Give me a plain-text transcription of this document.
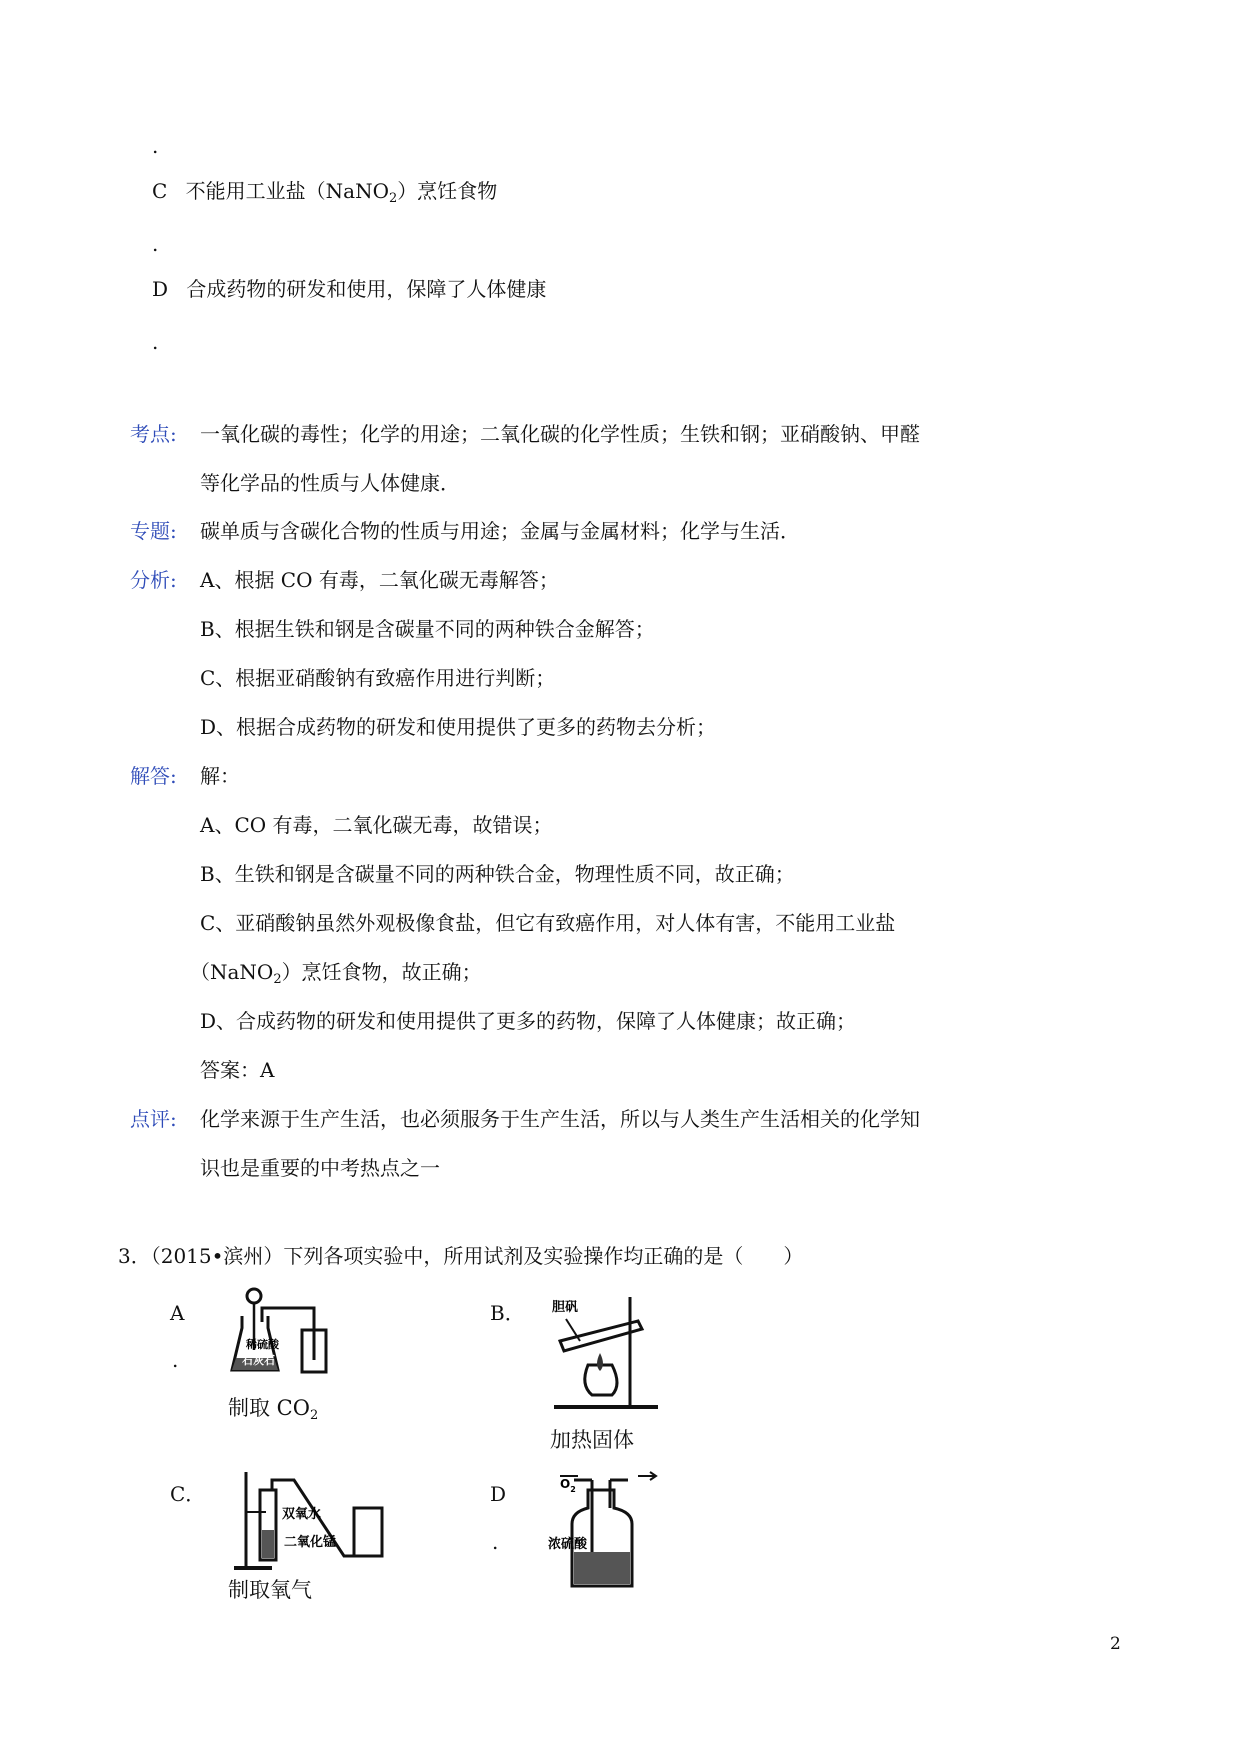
.
C 不能用工业盐（NaNO$_2$）烹饪食物
.
D 合成药物的研发和使用，保障了人体健康
.
考点: 一氧化碳的毒性；化学的用途；二氧化碳的化学性质；生铁和钢；亚硝酸钠、甲醛
等化学品的性质与人体健康．
专题: 碳单质与含碳化合物的性质与用途；金属与金属材料；化学与生活．
分析: A、根据 CO 有毒，二氧化碳无毒解答；
B、根据生铁和钢是含碳量不同的两种铁合金解答；
C、根据亚硝酸钠有致癌作用进行判断；
D、根据合成药物的研发和使用提供了更多的药物去分析；
解答: 解：
A、CO 有毒，二氧化碳无毒，故错误；
B、生铁和钢是含碳量不同的两种铁合金，物理性质不同，故正确；
C、亚硝酸钠虽然外观极像食盐，但它有致癌作用，对人体有害，不能用工业盐
（NaNO$_2$）烹饪食物，故正确；
D、合成药物的研发和使用提供了更多的药物，保障了人体健康；故正确；
答案：A
点评: 化学来源于生产生活，也必须服务于生产生活，所以与人类生产生活相关的化学知
识也是重要的中考热点之一
3．（2015•滨州）下列各项实验中，所用试剂及实验操作均正确的是（　　）
A
.
稀硫酸
石灰石
制取 $CO_2$
B． 胆矾
加热固体
C．
双氧水
二氧化锰
制取氧气
D
.
$O_2$
浓硫酸
2
